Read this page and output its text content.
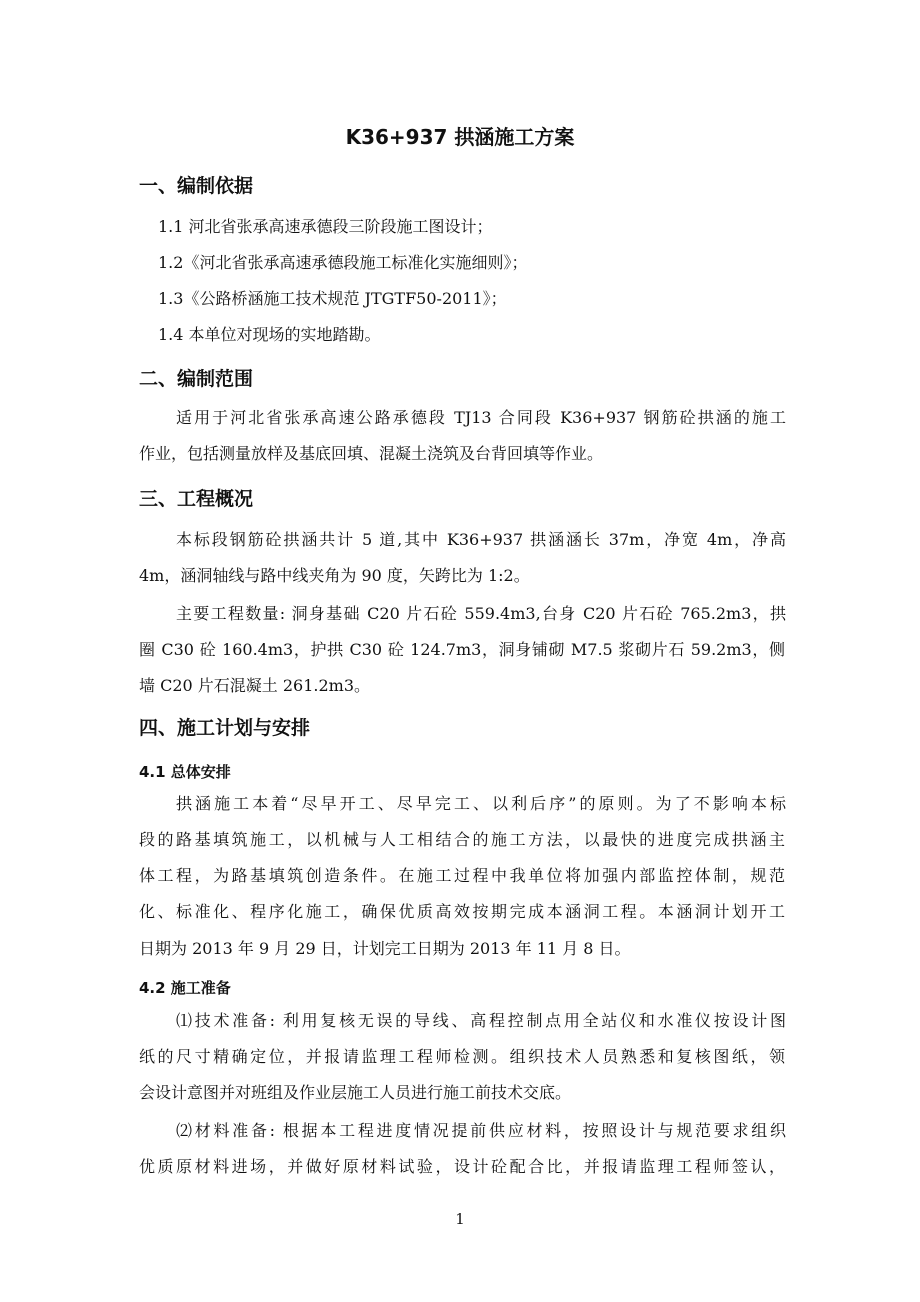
K36+937 拱涵施工方案
一、编制依据

1.1 河北省张承高速承德段三阶段施工图设计；

1.2《河北省张承高速承德段施工标准化实施细则》；

1.3《公路桥涵施工技术规范 JTGTF50-2011》；

1.4 本单位对现场的实地踏勘。

二、编制范围

适用于河北省张承高速公路承德段 TJ13 合同段 K36+937 钢筋砼拱涵的施工

作业，包括测量放样及基底回填、混凝土浇筑及台背回填等作业。

三、工程概况

本标段钢筋砼拱涵共计 5 道,其中 K36+937 拱涵涵长 37m，净宽 4m，净高

4m，涵洞轴线与路中线夹角为 90 度，矢跨比为 1:2。

主要工程数量: 洞身基础 C20 片石砼 559.4m3,台身 C20 片石砼 765.2m3，拱

圈 C30 砼 160.4m3，护拱 C30 砼 124.7m3，洞身铺砌 M7.5 浆砌片石 59.2m3，侧

墙 C20 片石混凝土 261.2m3。

四、施工计划与安排
4.1 总体安排

拱涵施工本着“尽早开工、尽早完工、以利后序”的原则。为了不影响本标

段的路基填筑施工，以机械与人工相结合的施工方法，以最快的进度完成拱涵主

体工程，为路基填筑创造条件。在施工过程中我单位将加强内部监控体制，规范

化、标准化、程序化施工，确保优质高效按期完成本涵洞工程。本涵洞计划开工

日期为 2013 年 9 月 29 日，计划完工日期为 2013 年 11 月 8 日。

4.2 施工准备

⑴技术准备: 利用复核无误的导线、高程控制点用全站仪和水准仪按设计图

纸的尺寸精确定位，并报请监理工程师检测。组织技术人员熟悉和复核图纸，领

会设计意图并对班组及作业层施工人员进行施工前技术交底。

⑵材料准备: 根据本工程进度情况提前供应材料，按照设计与规范要求组织

优质原材料进场，并做好原材料试验，设计砼配合比，并报请监理工程师签认，

1
